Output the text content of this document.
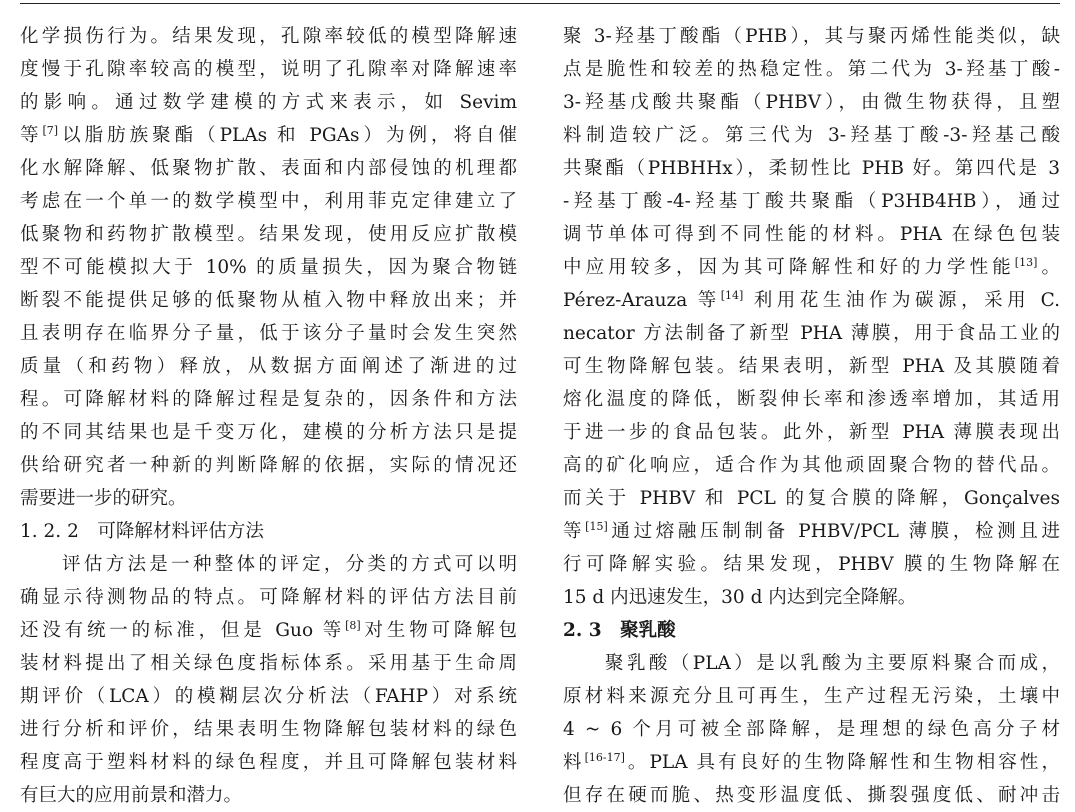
化学损伤行为。结果发现，孔隙率较低的模型降解速
度慢于孔隙率较高的模型，说明了孔隙率对降解速率
的影响。通过数学建模的方式来表示，如 Sevim
等[7]以脂肪族聚酯（PLAs 和 PGAs）为例，将自催
化水解降解、低聚物扩散、表面和内部侵蚀的机理都
考虑在一个单一的数学模型中，利用菲克定律建立了
低聚物和药物扩散模型。结果发现，使用反应扩散模
型不可能模拟大于 10% 的质量损失，因为聚合物链
断裂不能提供足够的低聚物从植入物中释放出来；并
且表明存在临界分子量，低于该分子量时会发生突然
质量（和药物）释放，从数据方面阐述了渐进的过
程。可降解材料的降解过程是复杂的，因条件和方法
的不同其结果也是千变万化，建模的分析方法只是提
供给研究者一种新的判断降解的依据，实际的情况还
需要进一步的研究。
1. 2. 2　可降解材料评估方法
评估方法是一种整体的评定，分类的方式可以明
确显示待测物品的特点。可降解材料的评估方法目前
还没有统一的标准，但是 Guo 等[8]对生物可降解包
装材料提出了相关绿色度指标体系。采用基于生命周
期评价（LCA）的模糊层次分析法（FAHP）对系统
进行分析和评价，结果表明生物降解包装材料的绿色
程度高于塑料材料的绿色程度，并且可降解包装材料
有巨大的应用前景和潜力。
聚 3-羟基丁酸酯（PHB），其与聚丙烯性能类似，缺
点是脆性和较差的热稳定性。第二代为 3-羟基丁酸-
3-羟基戊酸共聚酯（PHBV），由微生物获得，且塑
料制造较广泛。第三代为 3-羟基丁酸-3-羟基己酸
共聚酯（PHBHHx），柔韧性比 PHB 好。第四代是 3
-羟基丁酸-4-羟基丁酸共聚酯（P3HB4HB），通过
调节单体可得到不同性能的材料。PHA 在绿色包装
中应用较多，因为其可降解性和好的力学性能[13]。
Pérez-Arauza 等[14] 利用花生油作为碳源，采用 C.
necator 方法制备了新型 PHA 薄膜，用于食品工业的
可生物降解包装。结果表明，新型 PHA 及其膜随着
熔化温度的降低，断裂伸长率和渗透率增加，其适用
于进一步的食品包装。此外，新型 PHA 薄膜表现出
高的矿化响应，适合作为其他顽固聚合物的替代品。
而关于 PHBV 和 PCL 的复合膜的降解，Gonçalves
等[15]通过熔融压制制备 PHBV/PCL 薄膜，检测且进
行可降解实验。结果发现，PHBV 膜的生物降解在
15 d 内迅速发生，30 d 内达到完全降解。
2. 3　聚乳酸
聚乳酸（PLA）是以乳酸为主要原料聚合而成，
原材料来源充分且可再生，生产过程无污染，土壤中
4 ~ 6 个月可被全部降解，是理想的绿色高分子材
料[16-17]。PLA 具有良好的生物降解性和生物相容性，
但存在硬而脆、热变形温度低、撕裂强度低、耐冲击
